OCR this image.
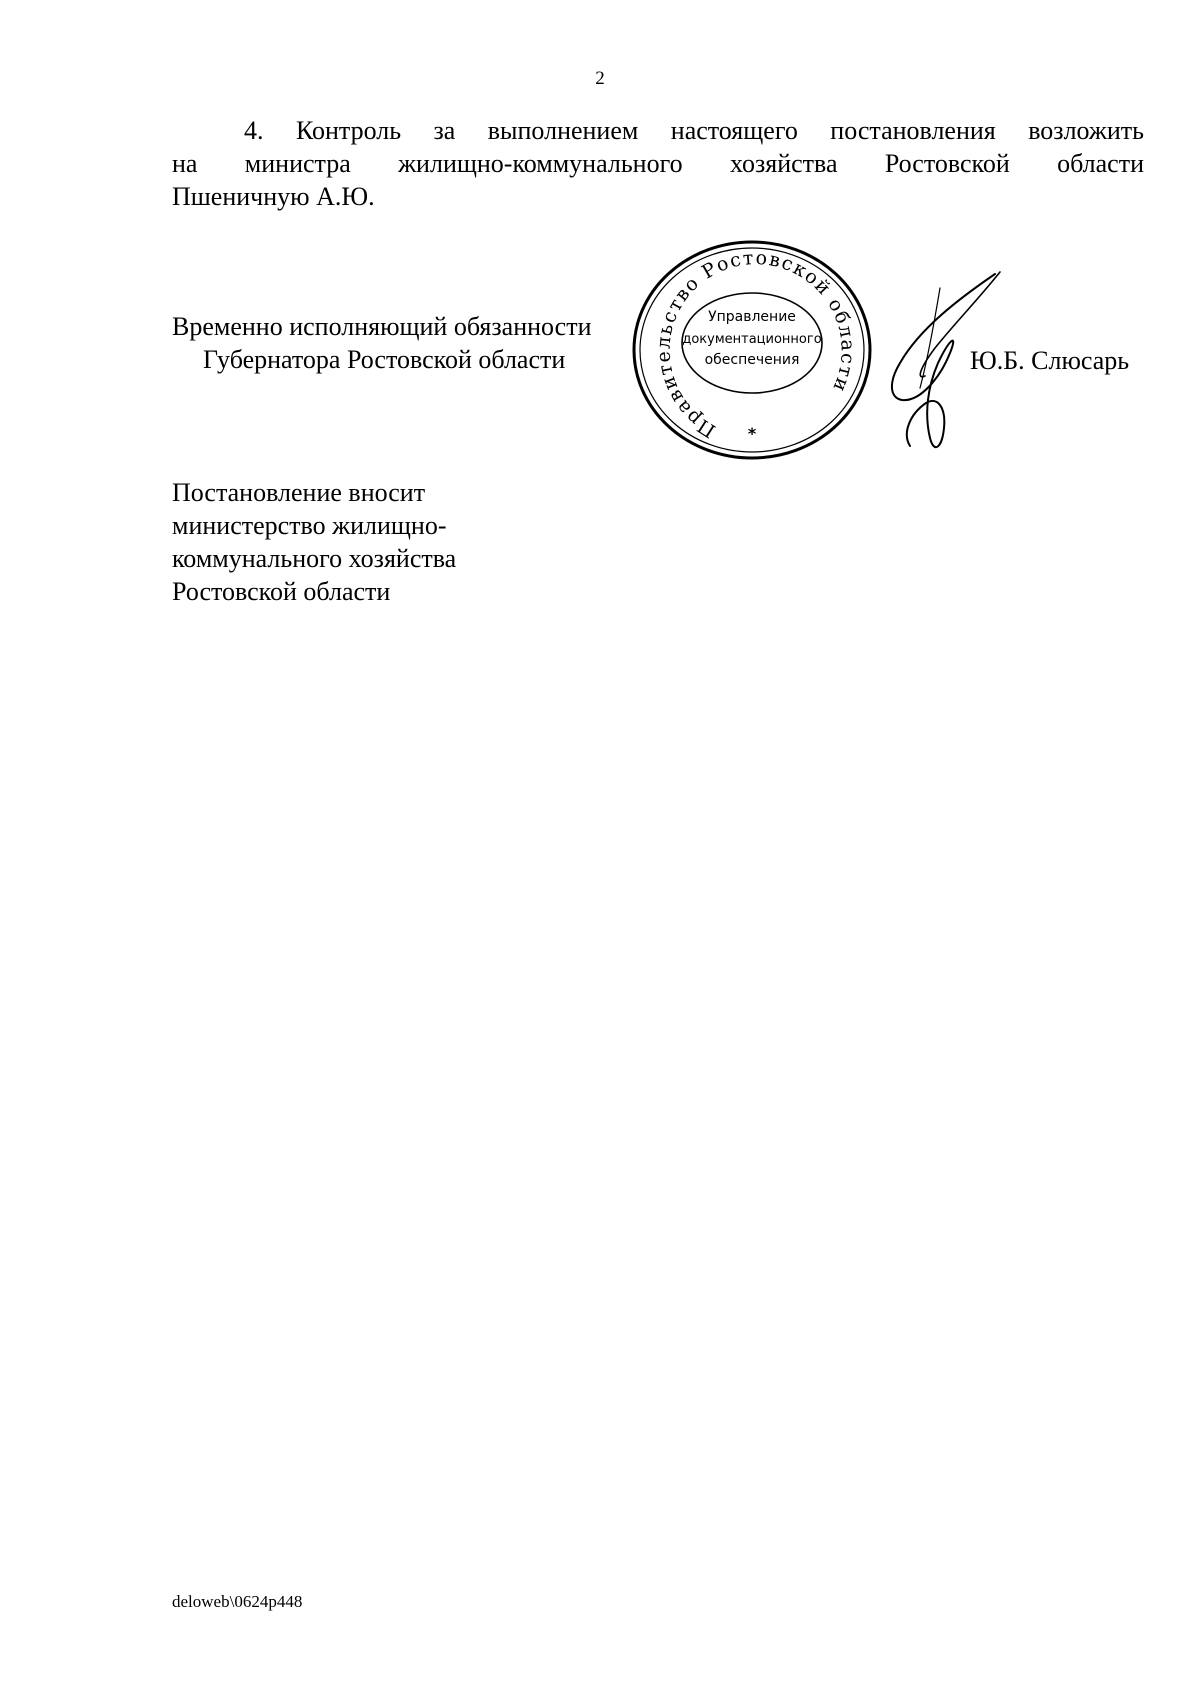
2
4. Контроль за выполнением настоящего постановления возложить
на министра жилищно-коммунального хозяйства Ростовской области
Пшеничную А.Ю.
Временно исполняющий обязанности
Губернатора Ростовской области
Правительство Ростовской области
Управление
документационного
обеспечения
*
Ю.Б. Слюсарь
Постановление вносит
министерство жилищно-
коммунального хозяйства
Ростовской области
deloweb\0624p448
